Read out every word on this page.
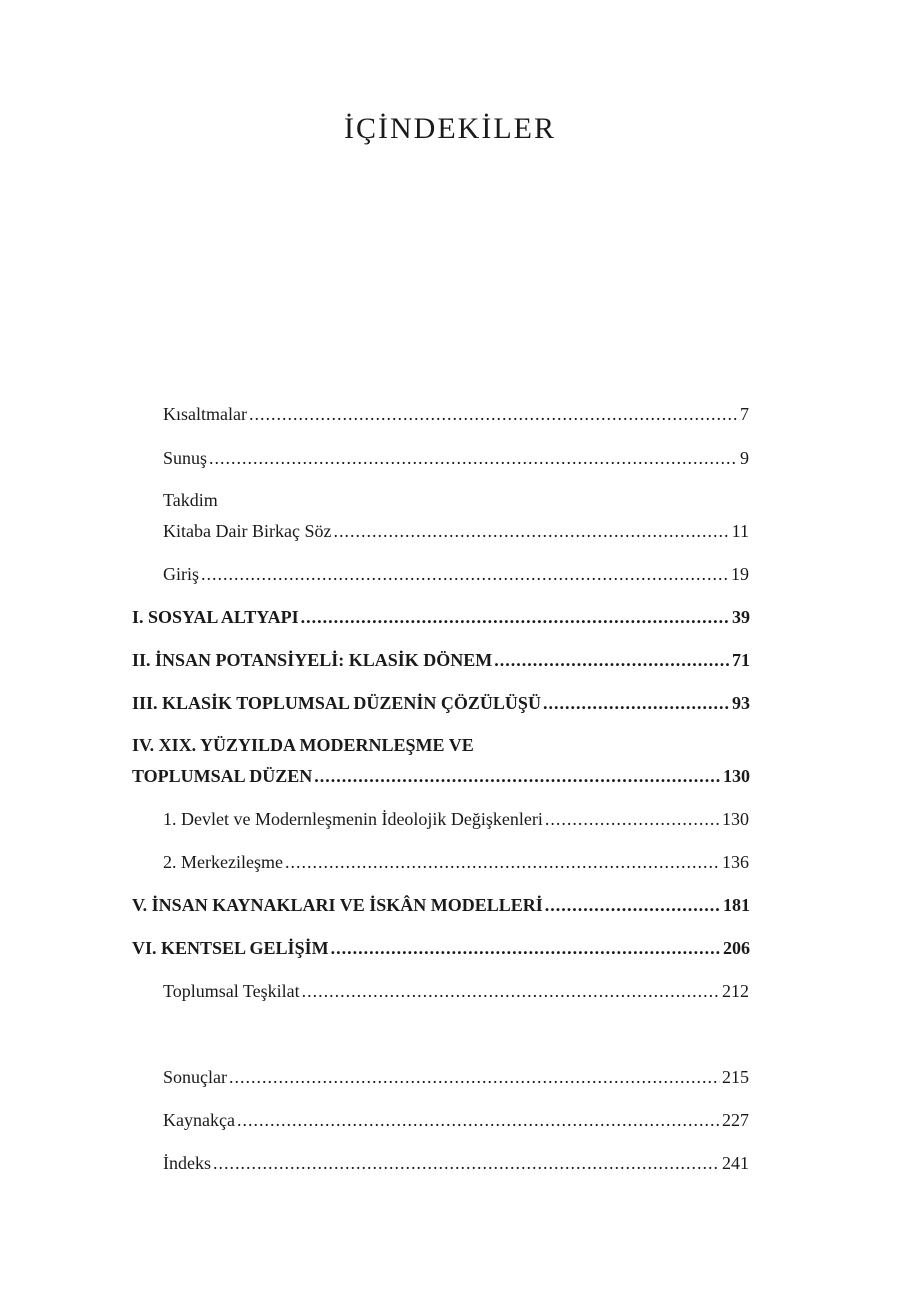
İÇİNDEKİLER
Kısaltmalar .....	7
Sunuş .....	9
Takdim
Kitaba Dair Birkaç Söz .....	11
Giriş .....	19
I. SOSYAL ALTYAPI .....	39
II. İNSAN POTANSİYELİ: KLASİK DÖNEM .....	71
III. KLASİK TOPLUMSAL DÜZENİN ÇÖZÜLÜŞÜ .....	93
IV. XIX. YÜZYILDA MODERNLEŞME VE
TOPLUMSAL DÜZEN .....	130
1. Devlet ve Modernleşmenin İdeolojik Değişkenleri .....	130
2. Merkezileşme .....	136
V. İNSAN KAYNAKLARI VE İSKÂN MODELLERİ .....	181
VI. KENTSEL GELİŞİM .....	206
Toplumsal Teşkilat .....	212
Sonuçlar .....	215
Kaynakça .....	227
İndeks .....	241
